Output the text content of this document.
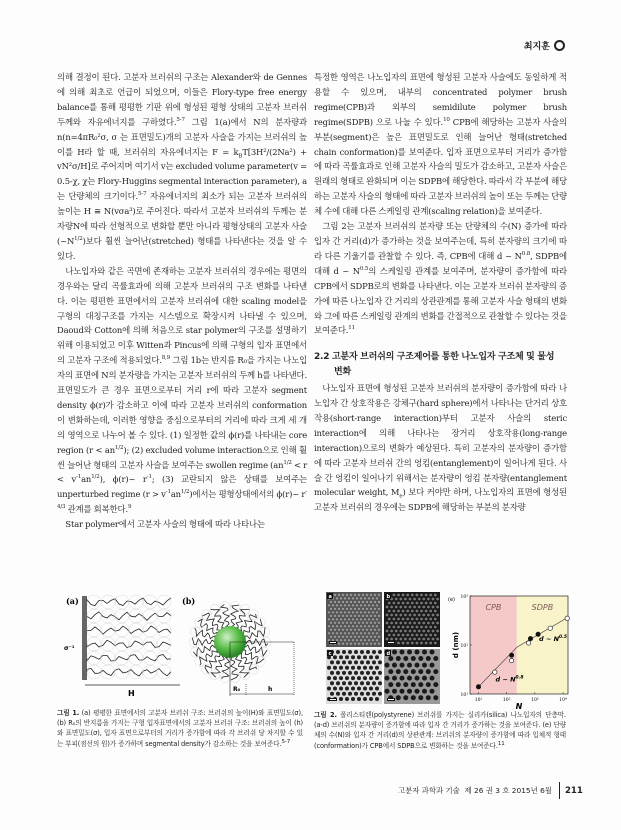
최지훈

의해 결정이 된다. 고분자 브러쉬의 구조는 Alexander와 de Gennes에 의해 최초로 언급이 되었으며, 이들은 Flory-type free energy balance를 통해 평평한 기판 위에 형성된 평형 상태의 고분자 브러쉬 두께와 자유에너지를 구하였다.$^{5-7}$ 그림 1(a)에서 N의 분자량과 n(n=4πR₀²σ, σ 는 표면밀도)개의 고분자 사슬을 가지는 브러쉬의 높이를 H라 할 때, 브러쉬의 자유에너지는 $F = k_BT[3H^2/(2Na^2) + vN^2\sigma/H]$로 주어지며 여기서 v는 excluded volume parameter(v = 0.5-χ, χ는 Flory-Huggins segmental interaction parameter), a는 단량체의 크기이다.$^{5-7}$ 자유에너지의 최소가 되는 고분자 브러쉬의 높이는 H ≅ N(vσa³)로 주어진다. 따라서 고분자 브러쉬의 두께는 분자량N에 따라 선형적으로 변화할 뿐만 아니라 평형상태의 고분자 사슬$(\sim N^{1/2})$보다 훨씬 늘어난(stretched) 형태를 나타낸다는 것을 알 수 있다.

나노입자와 같은 곡면에 존재하는 고분자 브러쉬의 경우에는 평면의 경우와는 달리 곡률효과에 의해 고분자 브러쉬의 구조 변화를 나타낸다. 이는 평편한 표면에서의 고분자 브러쉬에 대한 scaling model을 구형의 대칭구조를 가지는 시스템으로 확장시켜 나타낼 수 있으며, Daoud와 Cotton에 의해 처음으로 star polymer의 구조를 설명하기 위해 이용되었고 이후 Witten과 Pincus에 의해 구형의 입자 표면에서의 고분자 구조에 적용되었다.$^{8,9}$ 그림 1b는 반지름 R₀을 가지는 나노입자의 표면에 N의 분자량을 가지는 고분자 브러쉬의 두께 h를 나타낸다. 표면밀도가 큰 경우 표면으로부터 거리 r에 따라 고분자 segment density ϕ(r)가 감소하고 이에 따라 고분자 브러쉬의 conformation이 변화하는데, 이러한 영향을 중심으로부터의 거리에 따라 크게 세 개의 영역으로 나누어 볼 수 있다. (1) 일정한 값의 ϕ(r)를 나타내는 core region $(r < an^{1/2})$; (2) excluded volume interaction으로 인해 훨씬 늘어난 형태의 고분자 사슬을 보여주는 swollen regime $(an^{1/2} < r < v^{-1}an^{1/2})$, ϕ(r)~ $r^{-1}$; (3) 교란되지 않은 상태를 보여주는 unperturbed regime $(r > v^{-1}an^{1/2})$에서는 평형상태에서의 ϕ(r)~ $r^{-4/3}$ 관계를 회복한다.$^9$

Star polymer에서 고분자 사슬의 형태에 따라 나타나는

특정한 영역은 나노입자의 표면에 형성된 고분자 사슬에도 동일하게 적용할 수 있으며, 내부의 concentrated polymer brush regime(CPB)과 외부의 semidilute polymer brush regime(SDPB) 으로 나눌 수 있다.$^{10}$ CPB에 해당하는 고분자 사슬의 부분(segment)은 높은 표면밀도로 인해 늘어난 형태(stretched chain conformation)를 보여준다. 입자 표면으로부터 거리가 증가함에 따라 곡률효과로 인해 고분자 사슬의 밀도가 감소하고, 고분자 사슬은 원래의 형태로 완화되며 이는 SDPB에 해당한다. 따라서 각 부분에 해당하는 고분자 사슬의 형태에 따라 고분자 브러쉬의 높이 또는 두께는 단량체 수에 대해 다른 스케일링 관계(scaling relation)을 보여준다.

그림 2는 고분자 브러쉬의 분자량 또는 단량체의 수(N) 증가에 따라 입자 간 거리(d)가 증가하는 것을 보여주는데, 특히 분자량의 크기에 따라 다른 기울기를 관찰할 수 있다. 즉, CPB에 대해 d ~ $N^{0.8}$, SDPB에 대해 d ~ $N^{0.5}$의 스케일링 관계를 보여주며, 분자량이 증가함에 따라 CPB에서 SDPB로의 변화를 나타낸다. 이는 고분자 브러쉬 분자량의 증가에 따른 나노입자 간 거리의 상관관계를 통해 고분자 사슬 형태의 변화와 그에 따른 스케일링 관계의 변화를 간접적으로 관찰할 수 있다는 것을 보여준다.$^{11}$

2.2 고분자 브러쉬의 구조제어를 통한 나노입자 구조체 및 물성
변화

나노입자 표면에 형성된 고분자 브러쉬의 분자량이 증가함에 따라 나노입자 간 상호작용은 강체구(hard sphere)에서 나타나는 단거리 상호작용(short-range interaction)부터 고분자 사슬의 steric interaction에 의해 나타나는 장거리 상호작용(long-range interaction)으로의 변화가 예상된다. 특히 고분자의 분자량이 증가함에 따라 고분자 브러쉬 간의 엉킴(entanglement)이 일어나게 된다. 사슬 간 엉킴이 일어나기 위해서는 분자량이 엉킴 분자량(entanglement molecular weight, $M_e$) 보다 커야만 하며, 나노입자의 표면에 형성된 고분자 브러쉬의 경우에는 SDPB에 해당하는 부분의 분자량

(a)
H
σ⁻¹
(b)
R₀	h
그림 1. (a) 평평한 표면에서의 고분자 브러쉬 구조: 브러쉬의 높이(H)와 표면밀도(σ), (b) R₀의 반지름을 가지는 구형 입자표면에서의 고분자 브러쉬 구조: 브러쉬의 높이 (h)와 표면밀도(σ), 입자 표면으로부터의 거리가 증가함에 따라 각 브러쉬 당 차지할 수 있는 부피(점선의 원)가 증가하며 segmental density가 감소하는 것을 보여준다.$^{5-7}$
a	b
c	d
CPB	SDPB
d ~ $N^{0.8}$
d ~ $N^{0.5}$
10¹	10²	10³	10⁴
10¹
10²
10³
N
d (nm)
(e)
그림 2. 폴리스티렌(polystyrene) 브러쉬를 가지는 실리카(silica) 나노입자의 단층막. (a-d) 브러쉬의 분자량이 증가함에 따라 입자 간 거리가 증가하는 것을 보여준다. (e) 단량체의 수(N)와 입자 간 거리(d)의 상관관계: 브러쉬의 분자량이 증가함에 따라 입체적 형태(conformation)가 CPB에서 SDPB으로 변화하는 것을 보여준다.$^{11}$
고분자 과학과 기술
제 26 권 3 호 2015년 6월 211
